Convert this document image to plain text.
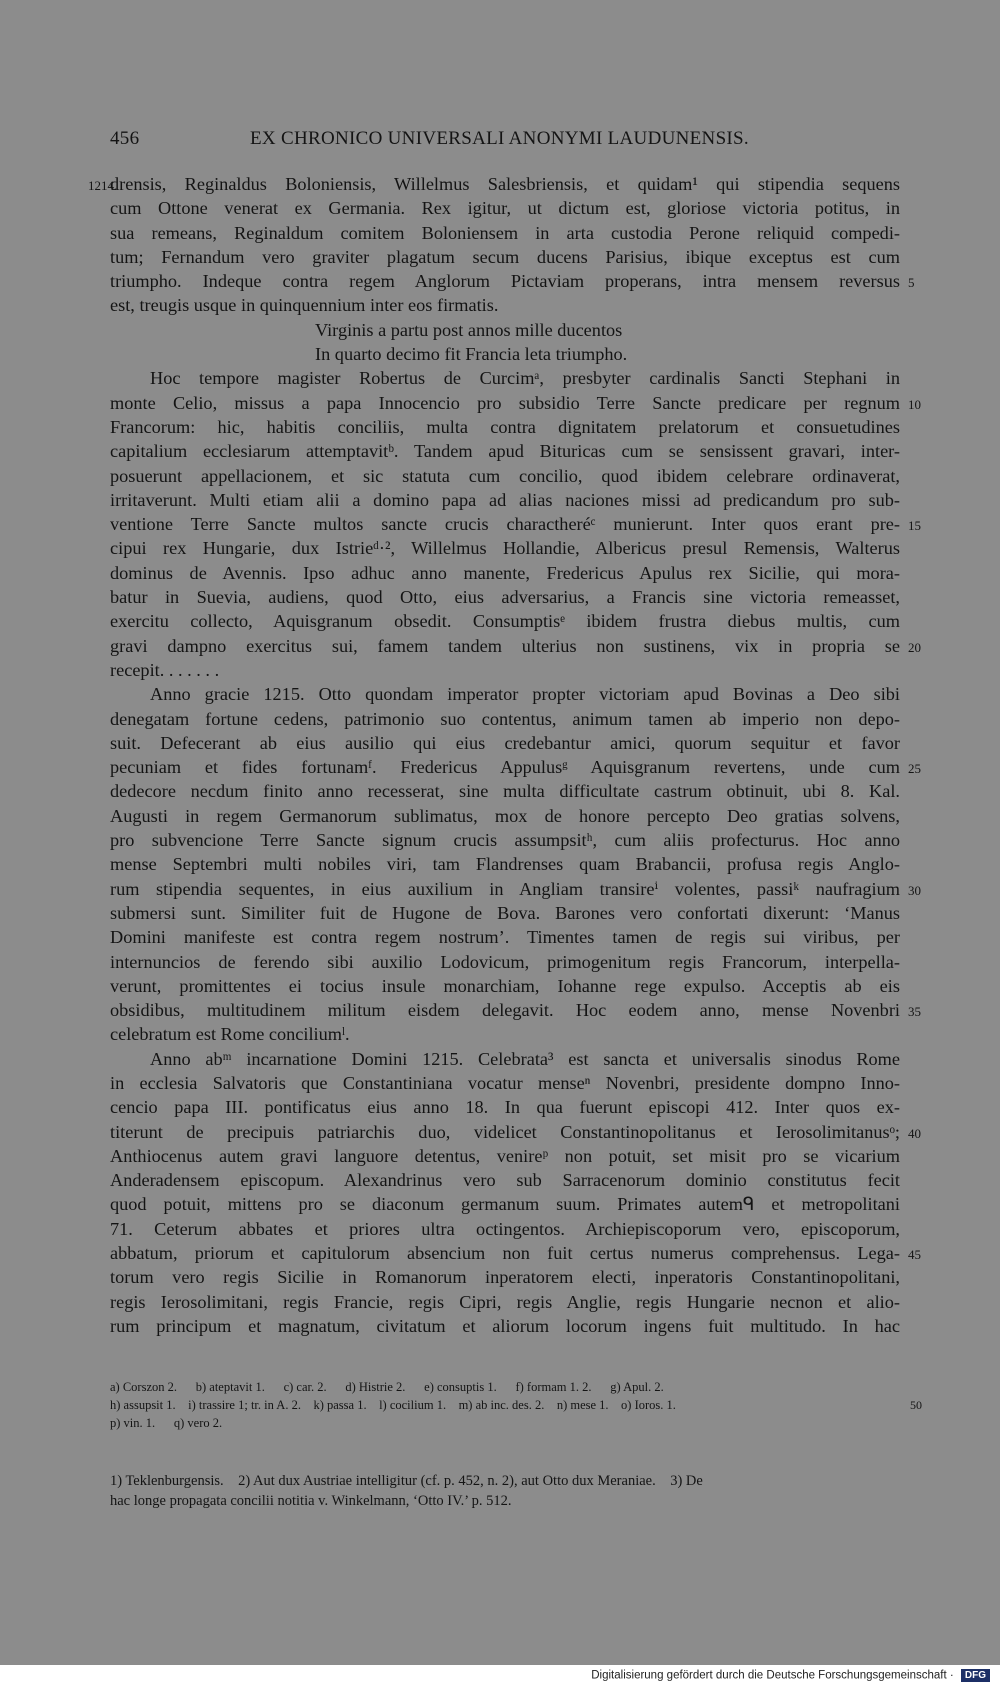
456	EX CHRONICO UNIVERSALI ANONYMI LAUDUNENSIS.
1214.
drensis, Reginaldus Boloniensis, Willelmus Salesbriensis, et quidam¹ qui stipendia sequens
cum Ottone venerat ex Germania. Rex igitur, ut dictum est, gloriose victoria potitus, in
sua remeans, Reginaldum comitem Boloniensem in arta custodia Perone reliquid compedi-
tum; Fernandum vero graviter plagatum secum ducens Parisius, ibique exceptus est cum
triumpho. Indeque contra regem Anglorum Pictaviam properans, intra mensem reversus 5
est, treugis usque in quinquennium inter eos firmatis.
Virginis a partu post annos mille ducentos
In quarto decimo fit Francia leta triumpho.
Hoc tempore magister Robertus de Curcimᵃ, presbyter cardinalis Sancti Stephani in
monte Celio, missus a papa Innocencio pro subsidio Terre Sancte predicare per regnum 10
Francorum: hic, habitis conciliis, multa contra dignitatem prelatorum et consuetudines
capitalium ecclesiarum attemptavitᵇ. Tandem apud Bituricas cum se sensissent gravari, inter-
posuerunt appellacionem, et sic statuta cum concilio, quod ibidem celebrare ordinaverat,
irritaverunt. Multi etiam alii a domino papa ad alias naciones missi ad predicandum pro sub-
ventione Terre Sancte multos sancte crucis charactheréᶜ munierunt. Inter quos erant pre- 15
cipui rex Hungarie, dux Istrieᵈ·², Willelmus Hollandie, Albericus presul Remensis, Walterus
dominus de Avennis. Ipso adhuc anno manente, Fredericus Apulus rex Sicilie, qui mora-
batur in Suevia, audiens, quod Otto, eius adversarius, a Francis sine victoria remeasset,
exercitu collecto, Aquisgranum obsedit. Consumptisᵉ ibidem frustra diebus multis, cum
gravi dampno exercitus sui, famem tandem ulterius non sustinens, vix in propria se 20
recepit. . . . . . .
Anno gracie 1215. Otto quondam imperator propter victoriam apud Bovinas a Deo sibi
denegatam fortune cedens, patrimonio suo contentus, animum tamen ab imperio non depo-
suit. Defecerant ab eius ausilio qui eius credebantur amici, quorum sequitur et favor
pecuniam et fides fortunamᶠ. Fredericus Appulusᵍ Aquisgranum revertens, unde cum 25
dedecore necdum finito anno recesserat, sine multa difficultate castrum obtinuit, ubi 8. Kal.
Augusti in regem Germanorum sublimatus, mox de honore percepto Deo gratias solvens,
pro subvencione Terre Sancte signum crucis assumpsitʰ, cum aliis profecturus. Hoc anno
mense Septembri multi nobiles viri, tam Flandrenses quam Brabancii, profusa regis Anglo-
rum stipendia sequentes, in eius auxilium in Angliam transireⁱ volentes, passiᵏ naufragium 30
submersi sunt. Similiter fuit de Hugone de Bova. Barones vero confortati dixerunt: ‘Manus
Domini manifeste est contra regem nostrum’. Timentes tamen de regis sui viribus, per
internuncios de ferendo sibi auxilio Lodovicum, primogenitum regis Francorum, interpella-
verunt, promittentes ei tocius insule monarchiam, Iohanne rege expulso. Acceptis ab eis
obsidibus, multitudinem militum eisdem delegavit. Hoc eodem anno, mense Novenbri 35
celebratum est Rome conciliumˡ.
Anno abᵐ incarnatione Domini 1215. Celebrata³ est sancta et universalis sinodus Rome
in ecclesia Salvatoris que Constantiniana vocatur menseⁿ Novenbri, presidente dompno Inno-
cencio papa III. pontificatus eius anno 18. In qua fuerunt episcopi 412. Inter quos ex-
titerunt de precipuis patriarchis duo, videlicet Constantinopolitanus et Ierosolimitanusᵒ; 40
Anthiocenus autem gravi languore detentus, venireᵖ non potuit, set misit pro se vicarium
Anderadensem episcopum. Alexandrinus vero sub Sarracenorum dominio constitutus fecit
quod potuit, mittens pro se diaconum germanum suum. Primates autemᑫ et metropolitani
71. Ceterum abbates et priores ultra octingentos. Archiepiscoporum vero, episcoporum,
abbatum, priorum et capitulorum absencium non fuit certus numerus comprehensus. Lega- 45
torum vero regis Sicilie in Romanorum inperatorem electi, inperatoris Constantinopolitani,
regis Ierosolimitani, regis Francie, regis Cipri, regis Anglie, regis Hungarie necnon et alio-
rum principum et magnatum, civitatum et aliorum locorum ingens fuit multitudo. In hac
a) Corszon 2.      b) ateptavit 1.      c) car. 2.      d) Histrie 2.      e) consuptis 1.      f) formam 1. 2.      g) Apul. 2.
h) assupsit 1.    i) trassire 1; tr. in A. 2.    k) passa 1.    l) cocilium 1.    m) ab inc. des. 2.    n) mese 1.    o) Ioros. 1.	50
p) vin. 1.      q) vero 2.
1) Teklenburgensis.    2) Aut dux Austriae intelligitur (cf. p. 452, n. 2), aut Otto dux Meraniae.    3) De
hac longe propagata concilii notitia v. Winkelmann, ‘Otto IV.’ p. 512.
Digitalisierung gefördert durch die Deutsche Forschungsgemeinschaft · DFG
